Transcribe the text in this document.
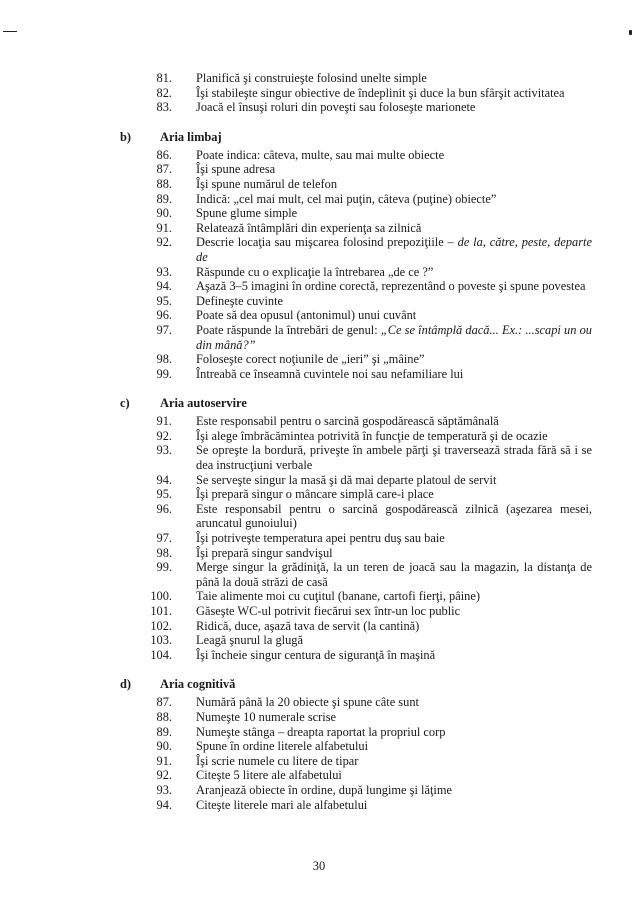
81. Planifică şi construieşte folosind unelte simple
82. Îşi stabileşte singur obiective de îndeplinit şi duce la bun sfârşit activitatea
83. Joacă el însuşi roluri din poveşti sau foloseşte marionete
b)	Aria limbaj
86. Poate indica: câteva, multe, sau mai multe obiecte
87. Îşi spune adresa
88. Îşi spune numărul de telefon
89. Indică: „cel mai mult, cel mai puţin, câteva (puţine) obiecte”
90. Spune glume simple
91. Relatează întâmplări din experienţa sa zilnică
92. Descrie locaţia sau mişcarea folosind prepoziţiile – de la, către, peste, departe de
93. Răspunde cu o explicaţie la întrebarea „de ce ?”
94. Aşază 3–5 imagini în ordine corectă, reprezentând o poveste şi spune povestea
95. Defineşte cuvinte
96. Poate să dea opusul (antonimul) unui cuvânt
97. Poate răspunde la întrebări de genul: „Ce se întâmplă dacă... Ex.: ...scapi un ou din mână?”
98. Foloseşte corect noţiunile de „ieri” şi „mâine”
99. Întreabă ce înseamnă cuvintele noi sau nefamiliare lui
c)	Aria autoservire
91. Este responsabil pentru o sarcină gospodărească săptămânală
92. Îşi alege îmbrăcămintea potrivită în funcţie de temperatură şi de ocazie
93. Se opreşte la bordură, priveşte în ambele părţi şi traversează strada fără să i se dea instrucţiuni verbale
94. Se serveşte singur la masă şi dă mai departe platoul de servit
95. Îşi prepară singur o mâncare simplă care-i place
96. Este responsabil pentru o sarcină gospodărească zilnică (aşezarea mesei, aruncatul gunoiului)
97. Îşi potriveşte temperatura apei pentru duş sau baie
98. Îşi prepară singur sandvişul
99. Merge singur la grădiniţă, la un teren de joacă sau la magazin, la distanţa de până la două străzi de casă
100. Taie alimente moi cu cuţitul (banane, cartofi fierţi, pâine)
101. Găseşte WC-ul potrivit fiecărui sex într-un loc public
102. Ridică, duce, aşază tava de servit (la cantină)
103. Leagă şnurul la glugă
104. Îşi încheie singur centura de siguranţă în maşină
d)	Aria cognitivă
87. Numără până la 20 obiecte şi spune câte sunt
88. Numeşte 10 numerale scrise
89. Numeşte stânga – dreapta raportat la propriul corp
90. Spune în ordine literele alfabetului
91. Îşi scrie numele cu litere de tipar
92. Citeşte 5 litere ale alfabetului
93. Aranjează obiecte în ordine, după lungime şi lăţime
94. Citeşte literele mari ale alfabetului
30
